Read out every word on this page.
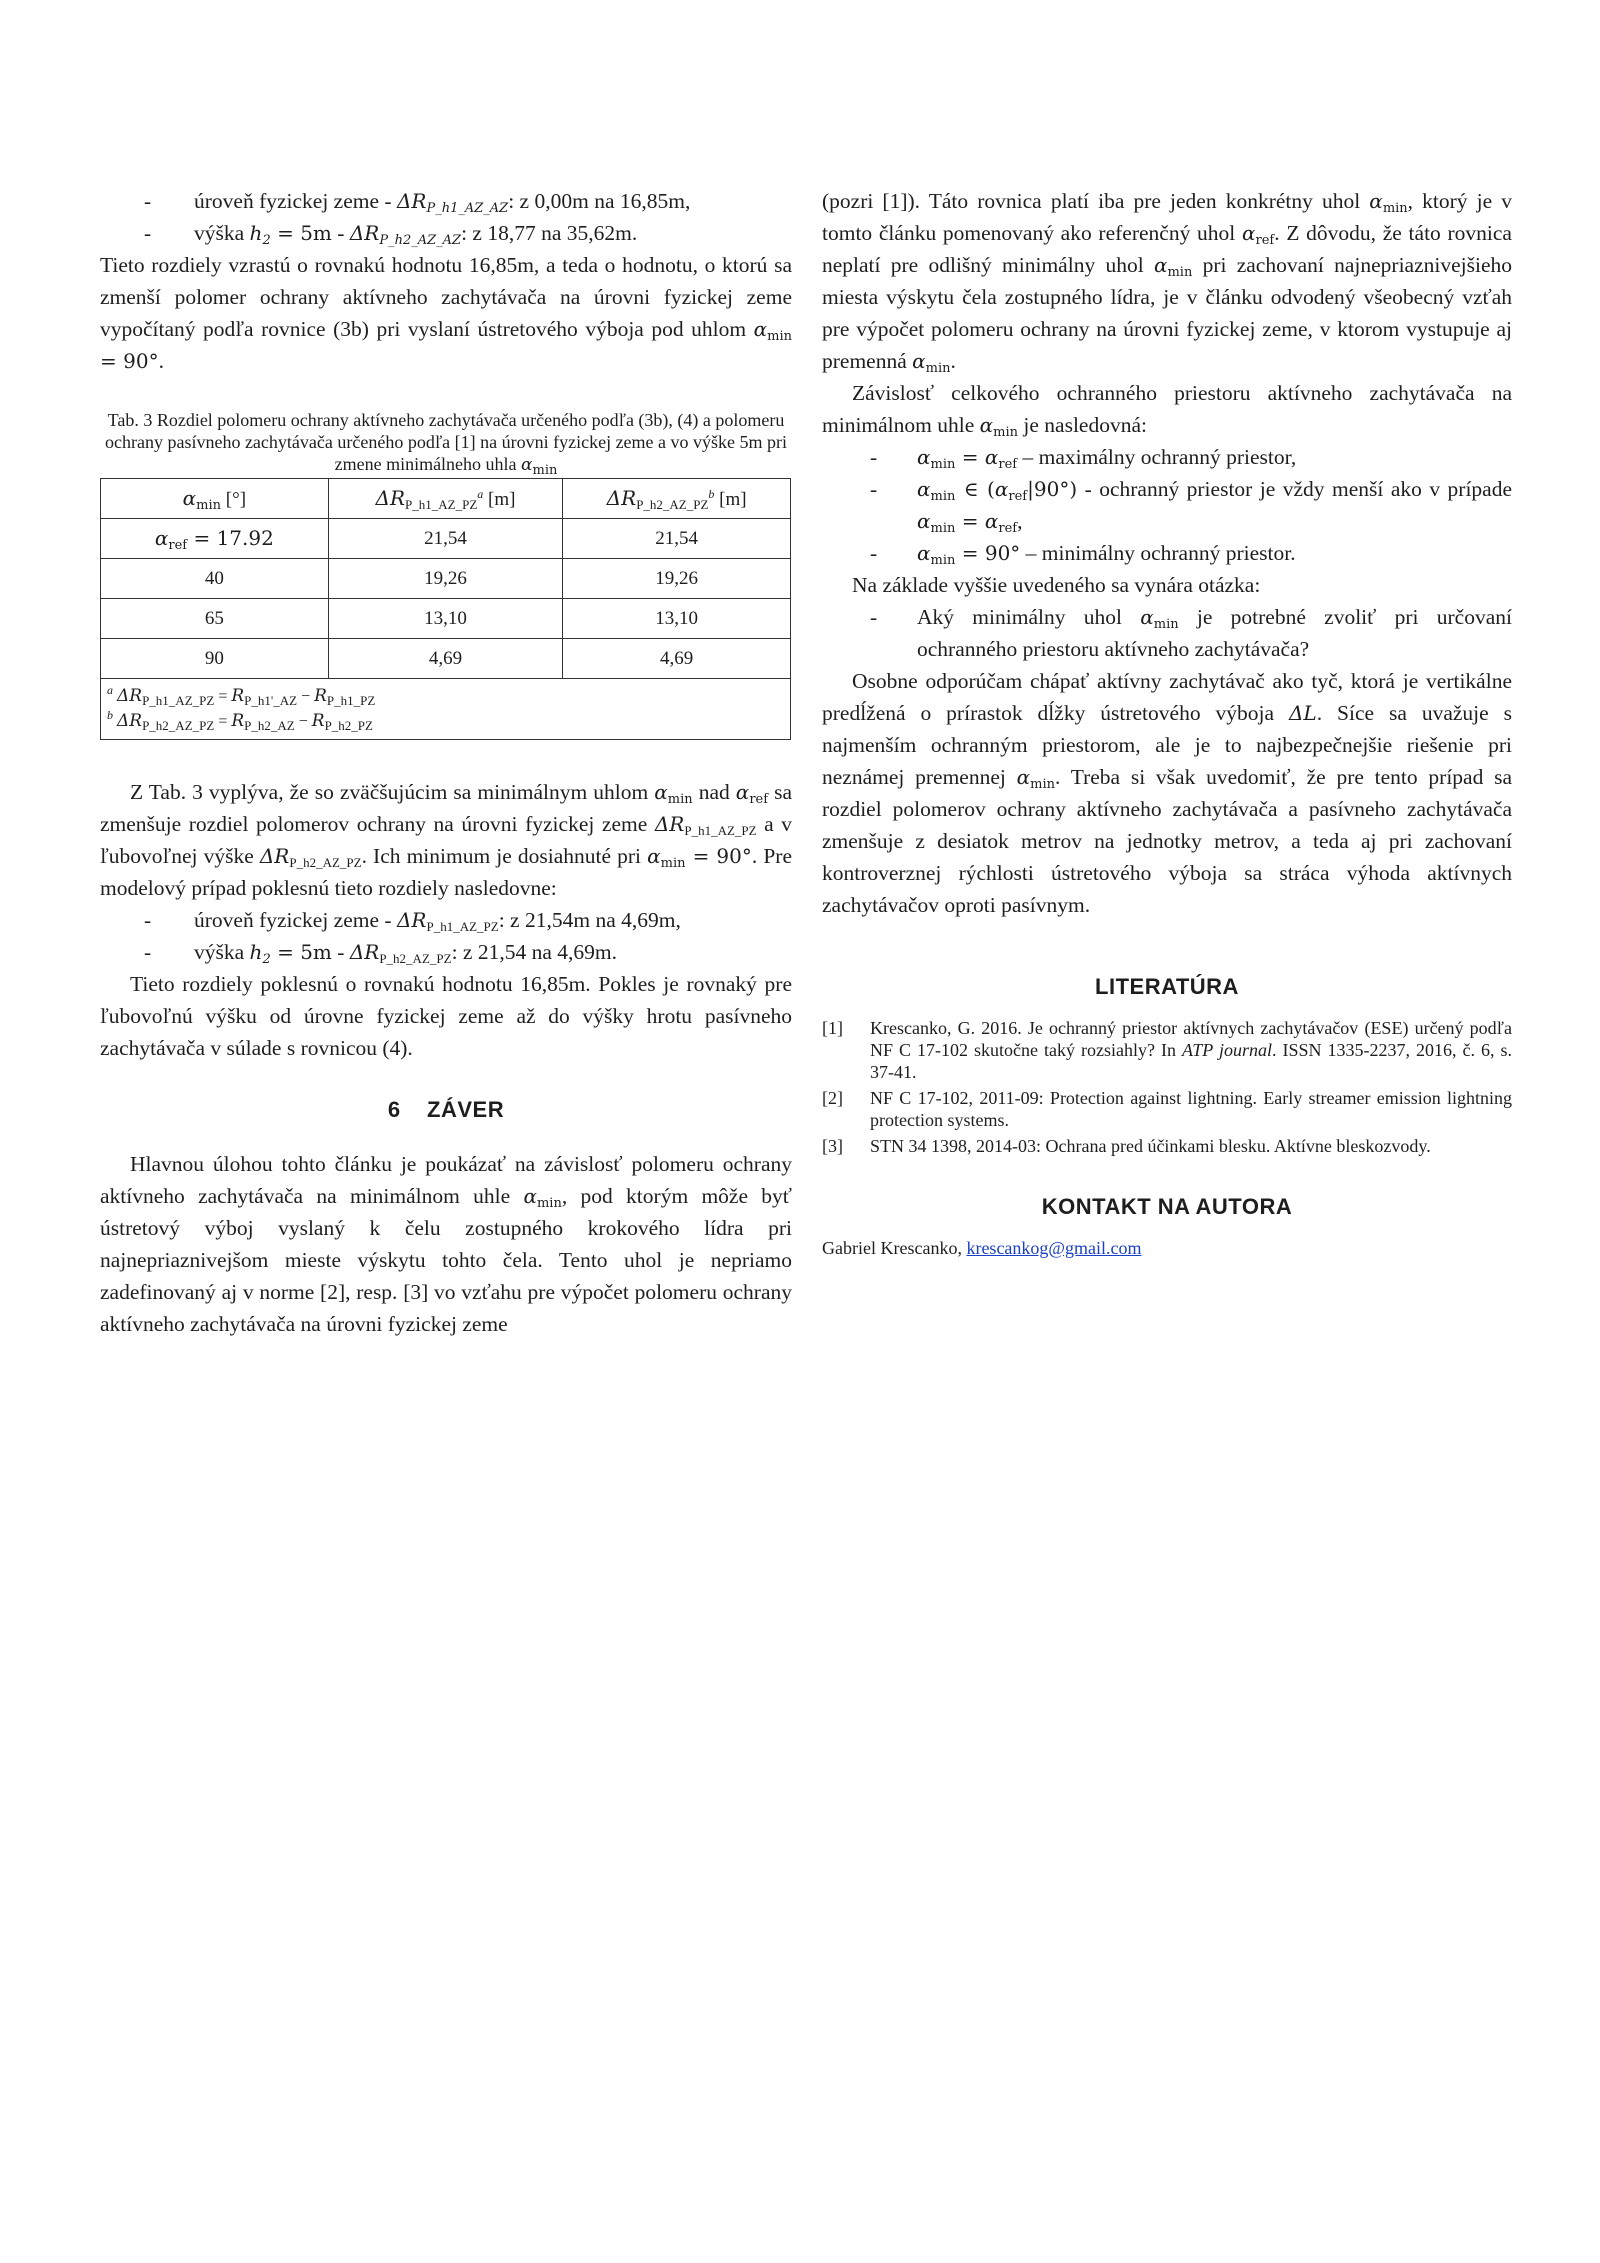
- úroveň fyzickej zeme - $\Delta R_{P\_h1\_AZ\_AZ}$: z 0,00m na 16,85m,
- výška $h_2 = 5m - \Delta R_{P\_h2\_AZ\_AZ}$: z 18,77 na 35,62m.

Tieto rozdiely vzrastú o rovnakú hodnotu 16,85m, a teda o hodnotu, o ktorú sa zmenší polomer ochrany aktívneho zachytávača na úrovni fyzickej zeme vypočítaný podľa rovnice (3b) pri vyslaní ústretového výboja pod uhlom $\alpha_{min} = 90^\circ$.

Tab. 3 Rozdiel polomeru ochrany aktívneho zachytávača určeného podľa (3b), (4) a polomeru ochrany pasívneho zachytávača určeného podľa [1] na úrovni fyzickej zeme a vo výške 5m pri zmene minimálneho uhla $\alpha_{min}$
$\alpha_{min}$ [°]	$\Delta R_{P\_h1\_AZ\_PZ}^a$ [m]	$\Delta R_{P\_h2\_AZ\_PZ}^b$ [m]
$\alpha_{ref} = 17.92$	21,54	21,54
40	19,26	19,26
65	13,10	13,10
90	4,69	4,69

$^a$ $\Delta R_{P\_h1\_AZ\_PZ} = R_{P\_h1'\_AZ} - R_{P\_h1\_PZ}$
$^b$ $\Delta R_{P\_h2\_AZ\_PZ} = R_{P\_h2\_AZ} - R_{P\_h2\_PZ}$

Z Tab. 3 vyplýva, že so zväčšujúcim sa minimálnym uhlom $\alpha_{min}$ nad $\alpha_{ref}$ sa zmenšuje rozdiel polomerov ochrany na úrovni fyzickej zeme $\Delta R_{P\_h1\_AZ\_PZ}$ a v ľubovoľnej výške $\Delta R_{P\_h2\_AZ\_PZ}$. Ich minimum je dosiahnuté pri $\alpha_{min} = 90^\circ$. Pre modelový prípad poklesnú tieto rozdiely nasledovne:

- úroveň fyzickej zeme - $\Delta R_{P\_h1\_AZ\_PZ}$: z 21,54m na 4,69m,
- výška $h_2 = 5m - \Delta R_{P\_h2\_AZ\_PZ}$: z 21,54 na 4,69m.

Tieto rozdiely poklesnú o rovnakú hodnotu 16,85m. Pokles je rovnaký pre ľubovoľnú výšku od úrovne fyzickej zeme až do výšky hrotu pasívneho zachytávača v súlade s rovnicou (4).

6    ZÁVER

Hlavnou úlohou tohto článku je poukázať na závislosť polomeru ochrany aktívneho zachytávača na minimálnom uhle $\alpha_{min}$, pod ktorým môže byť ústretový výboj vyslaný k čelu zostupného krokového lídra pri najnepriaznivejšom mieste výskytu tohto čela. Tento uhol je nepriamo zadefinovaný aj v norme [2], resp. [3] vo vzťahu pre výpočet polomeru ochrany aktívneho zachytávača na úrovni fyzickej zeme

(pozri [1]). Táto rovnica platí iba pre jeden konkrétny uhol $\alpha_{min}$, ktorý je v tomto článku pomenovaný ako referenčný uhol $\alpha_{ref}$. Z dôvodu, že táto rovnica neplatí pre odlišný minimálny uhol $\alpha_{min}$ pri zachovaní najnepriaznivejšieho miesta výskytu čela zostupného lídra, je v článku odvodený všeobecný vzťah pre výpočet polomeru ochrany na úrovni fyzickej zeme, v ktorom vystupuje aj premenná $\alpha_{min}$.

Závislosť celkového ochranného priestoru aktívneho zachytávača na minimálnom uhle $\alpha_{min}$ je nasledovná:

- $\alpha_{min} = \alpha_{ref}$ – maximálny ochranný priestor,
- $\alpha_{min}$ ∈ $(\alpha_{ref}|90^\circ)$ - ochranný priestor je vždy menší ako v prípade $\alpha_{min} = \alpha_{ref}$,
- $\alpha_{min} = 90^\circ$ – minimálny ochranný priestor.

Na základe vyššie uvedeného sa vynára otázka:

- Aký minimálny uhol $\alpha_{min}$ je potrebné zvoliť pri určovaní ochranného priestoru aktívneho zachytávača?

Osobne odporúčam chápať aktívny zachytávač ako tyč, ktorá je vertikálne predĺžená o prírastok dĺžky ústretového výboja ΔL. Síce sa uvažuje s najmenším ochranným priestorom, ale je to najbezpečnejšie riešenie pri neznámej premennej $\alpha_{min}$. Treba si však uvedomiť, že pre tento prípad sa rozdiel polomerov ochrany aktívneho zachytávača a pasívneho zachytávača zmenšuje z desiatok metrov na jednotky metrov, a teda aj pri zachovaní kontroverznej rýchlosti ústretového výboja sa stráca výhoda aktívnych zachytávačov oproti pasívnym.

LITERATÚRA
[1] Krescanko, G. 2016. Je ochranný priestor aktívnych zachytávačov (ESE) určený podľa NF C 17-102 skutočne taký rozsiahly? In ATP journal. ISSN 1335-2237, 2016, č. 6, s. 37-41.
[2] NF C 17-102, 2011-09: Protection against lightning. Early streamer emission lightning protection systems.
[3] STN 34 1398, 2014-03: Ochrana pred účinkami blesku. Aktívne bleskozvody.
KONTAKT NA AUTORA
Gabriel Krescanko, krescankog@gmail.com
